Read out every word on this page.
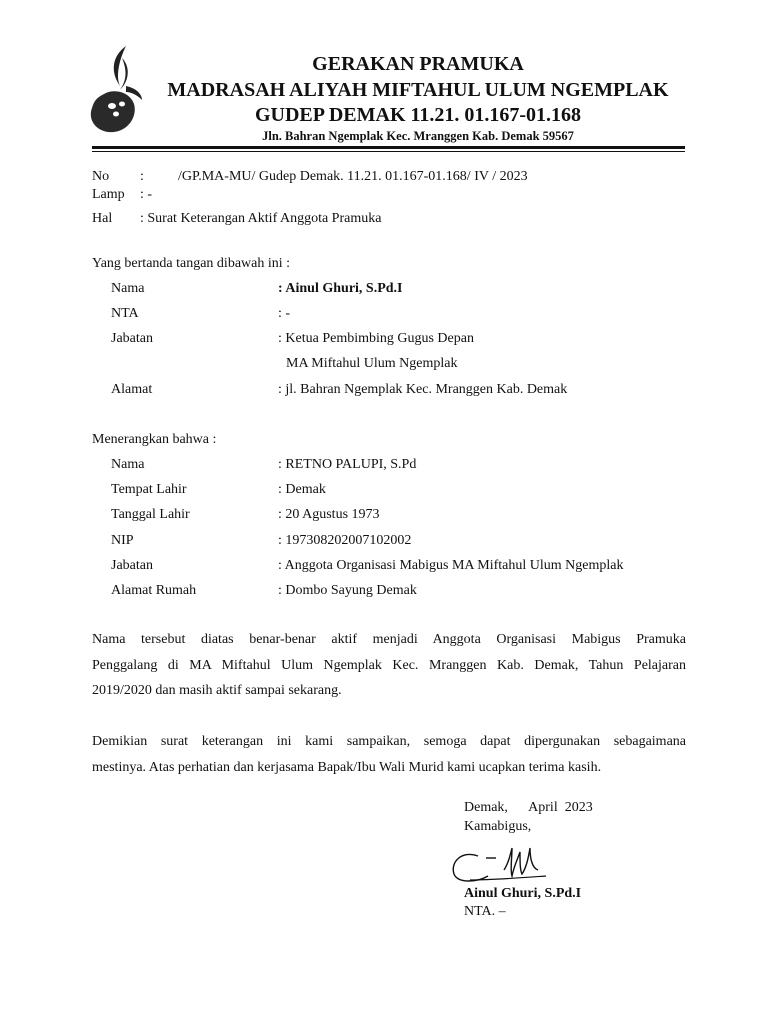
GERAKAN PRAMUKA
MADRASAH ALIYAH MIFTAHUL ULUM NGEMPLAK
GUDEP DEMAK 11.21. 01.167-01.168
Jln. Bahran Ngemplak Kec. Mranggen Kab. Demak 59567
No : /GP.MA-MU/ Gudep Demak. 11.21. 01.167-01.168/ IV / 2023
Lamp : -
Hal : Surat Keterangan Aktif Anggota Pramuka
Yang bertanda tangan dibawah ini :
Nama	: Ainul Ghuri, S.Pd.I
NTA	: -
Jabatan	: Ketua Pembimbing Gugus Depan
MA Miftahul Ulum Ngemplak
Alamat	: jl. Bahran Ngemplak Kec. Mranggen Kab. Demak
Menerangkan bahwa :
Nama	: RETNO PALUPI, S.Pd
Tempat Lahir	: Demak
Tanggal Lahir	: 20 Agustus 1973
NIP	: 197308202007102002
Jabatan	: Anggota Organisasi Mabigus MA Miftahul Ulum Ngemplak
Alamat Rumah	: Dombo Sayung Demak
Nama tersebut diatas benar-benar aktif menjadi Anggota Organisasi Mabigus Pramuka
Penggalang di MA Miftahul Ulum Ngemplak Kec. Mranggen Kab. Demak, Tahun Pelajaran
2019/2020 dan masih aktif sampai sekarang.
Demikian surat keterangan ini kami sampaikan, semoga dapat dipergunakan sebagaimana
mestinya. Atas perhatian dan kerjasama Bapak/Ibu Wali Murid kami ucapkan terima kasih.
Demak,      April  2023
Kamabigus,
Ainul Ghuri, S.Pd.I
NTA. –
